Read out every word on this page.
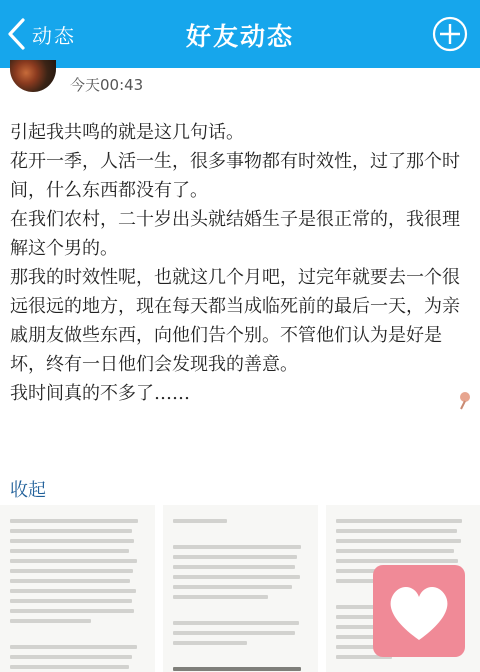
动态	好友动态
今天00:43

引起我共鸣的就是这几句话。

花开一季，人活一生，很多事物都有时效性，过了那个时间，什么东西都没有了。

在我们农村，二十岁出头就结婚生子是很正常的，我很理解这个男的。

那我的时效性呢，也就这几个月吧，过完年就要去一个很远很远的地方，现在每天都当成临死前的最后一天，为亲戚朋友做些东西，向他们告个别。不管他们认为是好是坏，终有一日他们会发现我的善意。

我时间真的不多了……

收起
